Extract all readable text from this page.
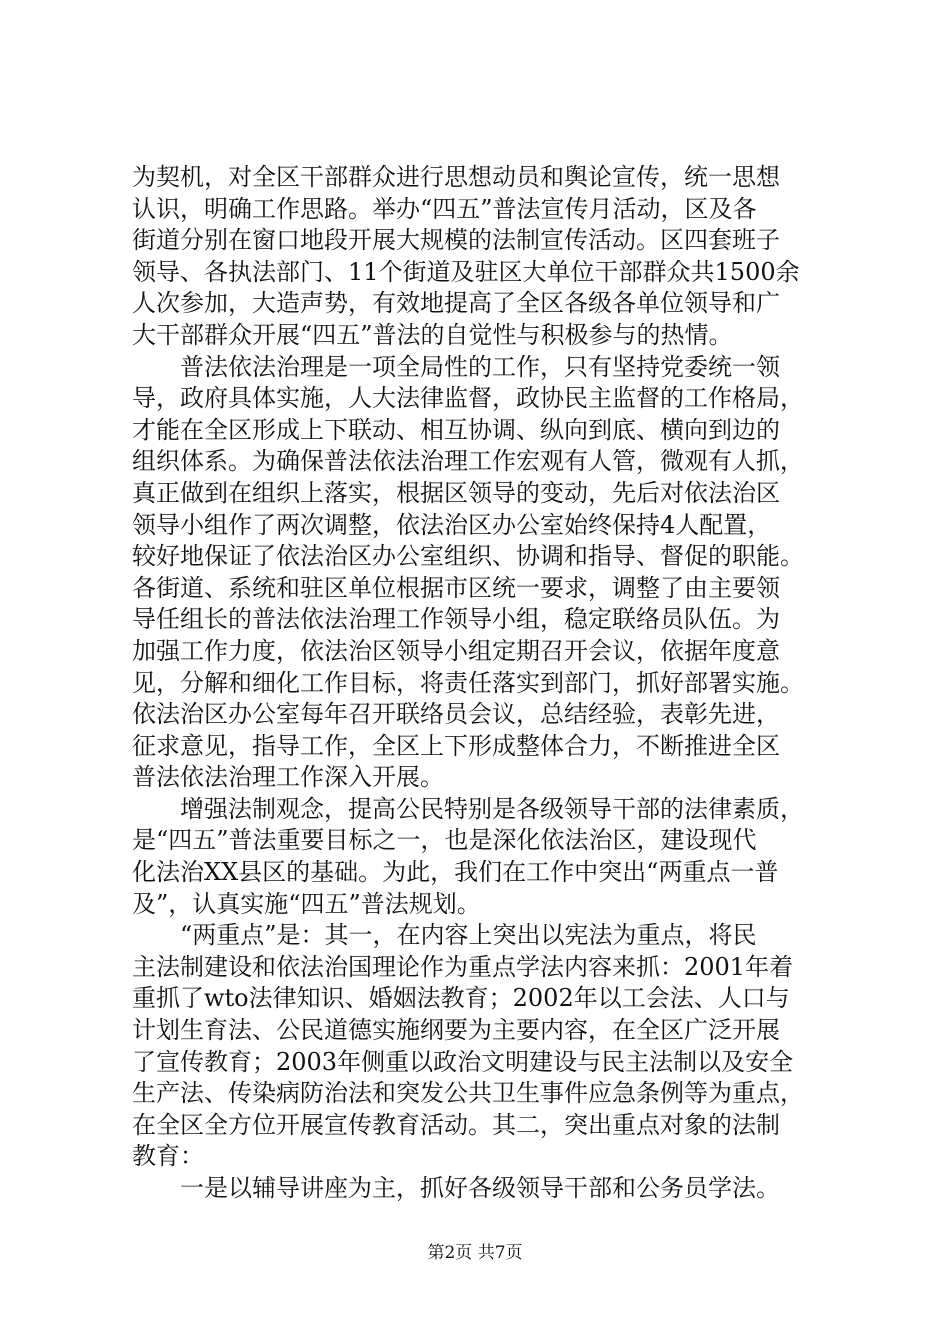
为契机，对全区干部群众进行思想动员和舆论宣传，统一思想
认识，明确工作思路。举办“四五”普法宣传月活动，区及各
街道分别在窗口地段开展大规模的法制宣传活动。区四套班子
领导、各执法部门、11个街道及驻区大单位干部群众共1500余
人次参加，大造声势，有效地提高了全区各级各单位领导和广
大干部群众开展“四五”普法的自觉性与积极参与的热情。

普法依法治理是一项全局性的工作，只有坚持党委统一领
导，政府具体实施，人大法律监督，政协民主监督的工作格局，
才能在全区形成上下联动、相互协调、纵向到底、横向到边的
组织体系。为确保普法依法治理工作宏观有人管，微观有人抓，
真正做到在组织上落实，根据区领导的变动，先后对依法治区
领导小组作了两次调整，依法治区办公室始终保持4人配置，
较好地保证了依法治区办公室组织、协调和指导、督促的职能。
各街道、系统和驻区单位根据市区统一要求，调整了由主要领
导任组长的普法依法治理工作领导小组，稳定联络员队伍。为
加强工作力度，依法治区领导小组定期召开会议，依据年度意
见，分解和细化工作目标，将责任落实到部门，抓好部署实施。
依法治区办公室每年召开联络员会议，总结经验，表彰先进，
征求意见，指导工作，全区上下形成整体合力，不断推进全区
普法依法治理工作深入开展。

增强法制观念，提高公民特别是各级领导干部的法律素质，
是“四五”普法重要目标之一，也是深化依法治区，建设现代
化法治XX县区的基础。为此，我们在工作中突出“两重点一普
及”，认真实施“四五”普法规划。

“两重点”是：其一，在内容上突出以宪法为重点，将民
主法制建设和依法治国理论作为重点学法内容来抓：2001年着
重抓了wto法律知识、婚姻法教育；2002年以工会法、人口与
计划生育法、公民道德实施纲要为主要内容，在全区广泛开展
了宣传教育；2003年侧重以政治文明建设与民主法制以及安全
生产法、传染病防治法和突发公共卫生事件应急条例等为重点，
在全区全方位开展宣传教育活动。其二，突出重点对象的法制
教育：

一是以辅导讲座为主，抓好各级领导干部和公务员学法。

第2页 共7页
